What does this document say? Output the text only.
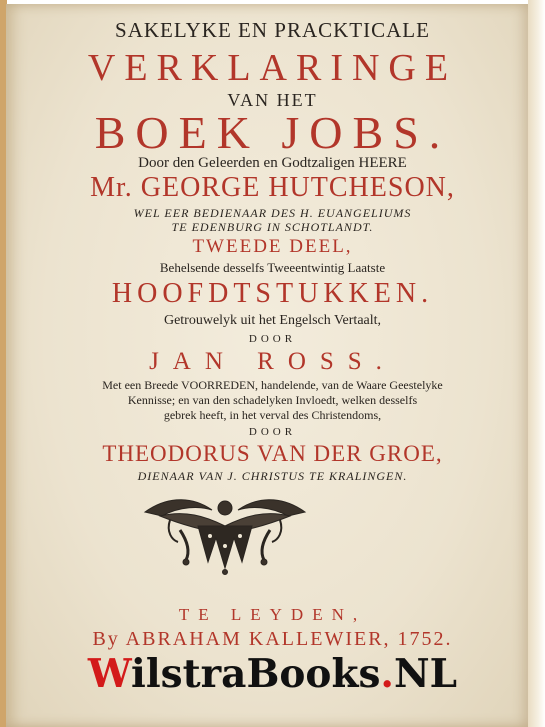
SAKELYKE EN PRACKTICALE
VERKLARINGE
VAN HET
BOEK JOBS.
Door den Geleerden en Godtzaligen HEERE
Mr. GEORGE HUTCHESON,
WEL EER BEDIENAAR DES H. EUANGELIUMS
TE EDENBURG IN SCHOTLANDT.
TWEEDE DEEL,
Behelsende desselfs Tweeentwintig Laatste
HOOFDTSTUKKEN.
Getrouwelyk uit het Engelsch Vertaalt,
DOOR
JAN ROSS.
Met een Breede VOORREDEN, handelende, van de Waare Geestelyke
Kennisse; en van den schadelyken Invloedt, welken desselfs
gebrek heeft, in het verval des Christendoms,
DOOR
THEODORUS VAN DER GROE,
DIENAAR VAN J. CHRISTUS TE KRALINGEN.
TE LEYDEN,
By ABRAHAM KALLEWIER, 1752.
WilstraBooks.NL
